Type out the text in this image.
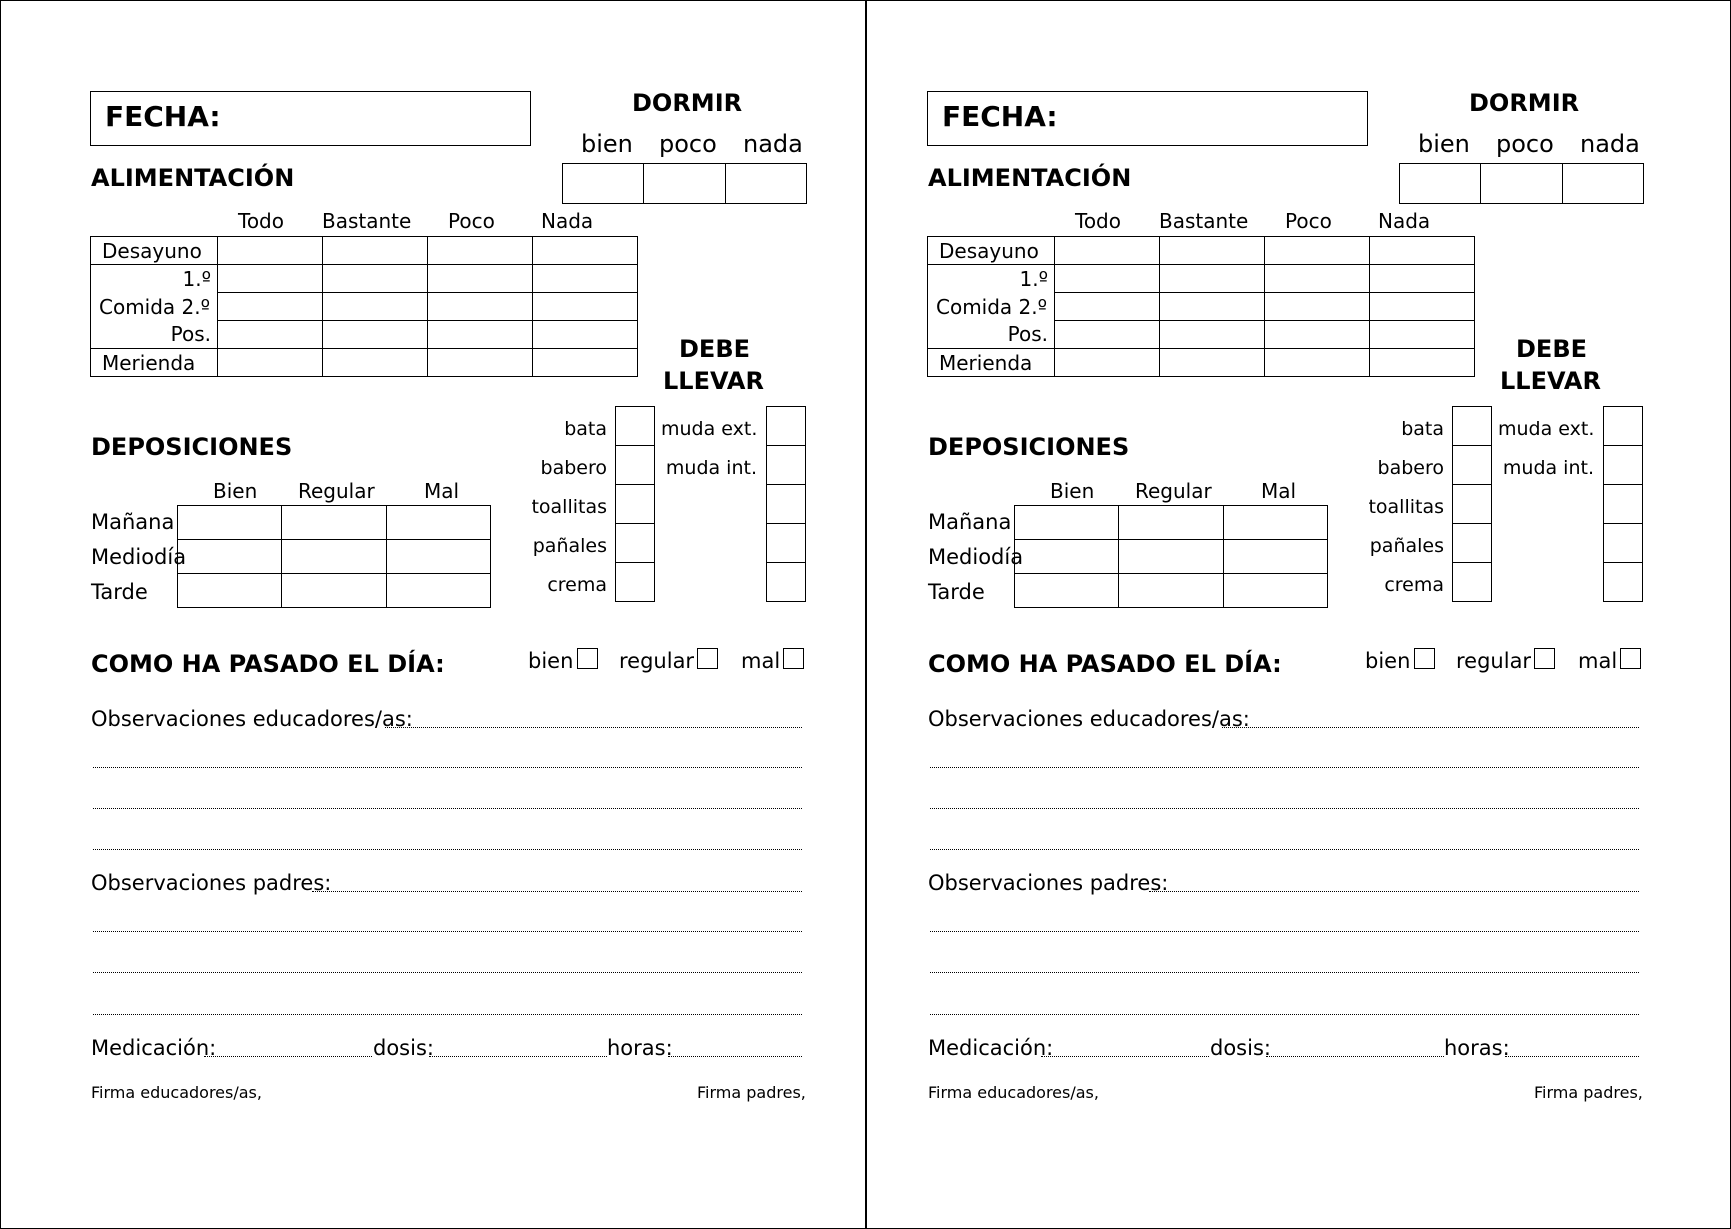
FECHA:	DORMIR
bien poco nada

ALIMENTACIÓN
Todo Bastante Poco Nada
Desayuno				
1.º				
Comida 2.º				
Pos.				
Merienda					DEBE
LLEVAR
bata
babero
toallitas
pañales
crema

muda ext.
muda int.

DEPOSICIONES
Bien Regular Mal
Mañana
Mediodía
Tarde

COMO HA PASADO EL DÍA:	bien regular mal
Observaciones educadores/as:
Observaciones padres:
Medicación:	dosis:	horas:
Firma educadores/as,	Firma padres,
FECHA:	DORMIR
bien poco nada

ALIMENTACIÓN
Todo Bastante Poco Nada
Desayuno				
1.º				
Comida 2.º				
Pos.				
Merienda					DEBE
LLEVAR
bata
babero
toallitas
pañales
crema

muda ext.
muda int.

DEPOSICIONES
Bien Regular Mal
Mañana
Mediodía
Tarde

COMO HA PASADO EL DÍA:	bien regular mal
Observaciones educadores/as:
Observaciones padres:
Medicación:	dosis:	horas:
Firma educadores/as,	Firma padres,
